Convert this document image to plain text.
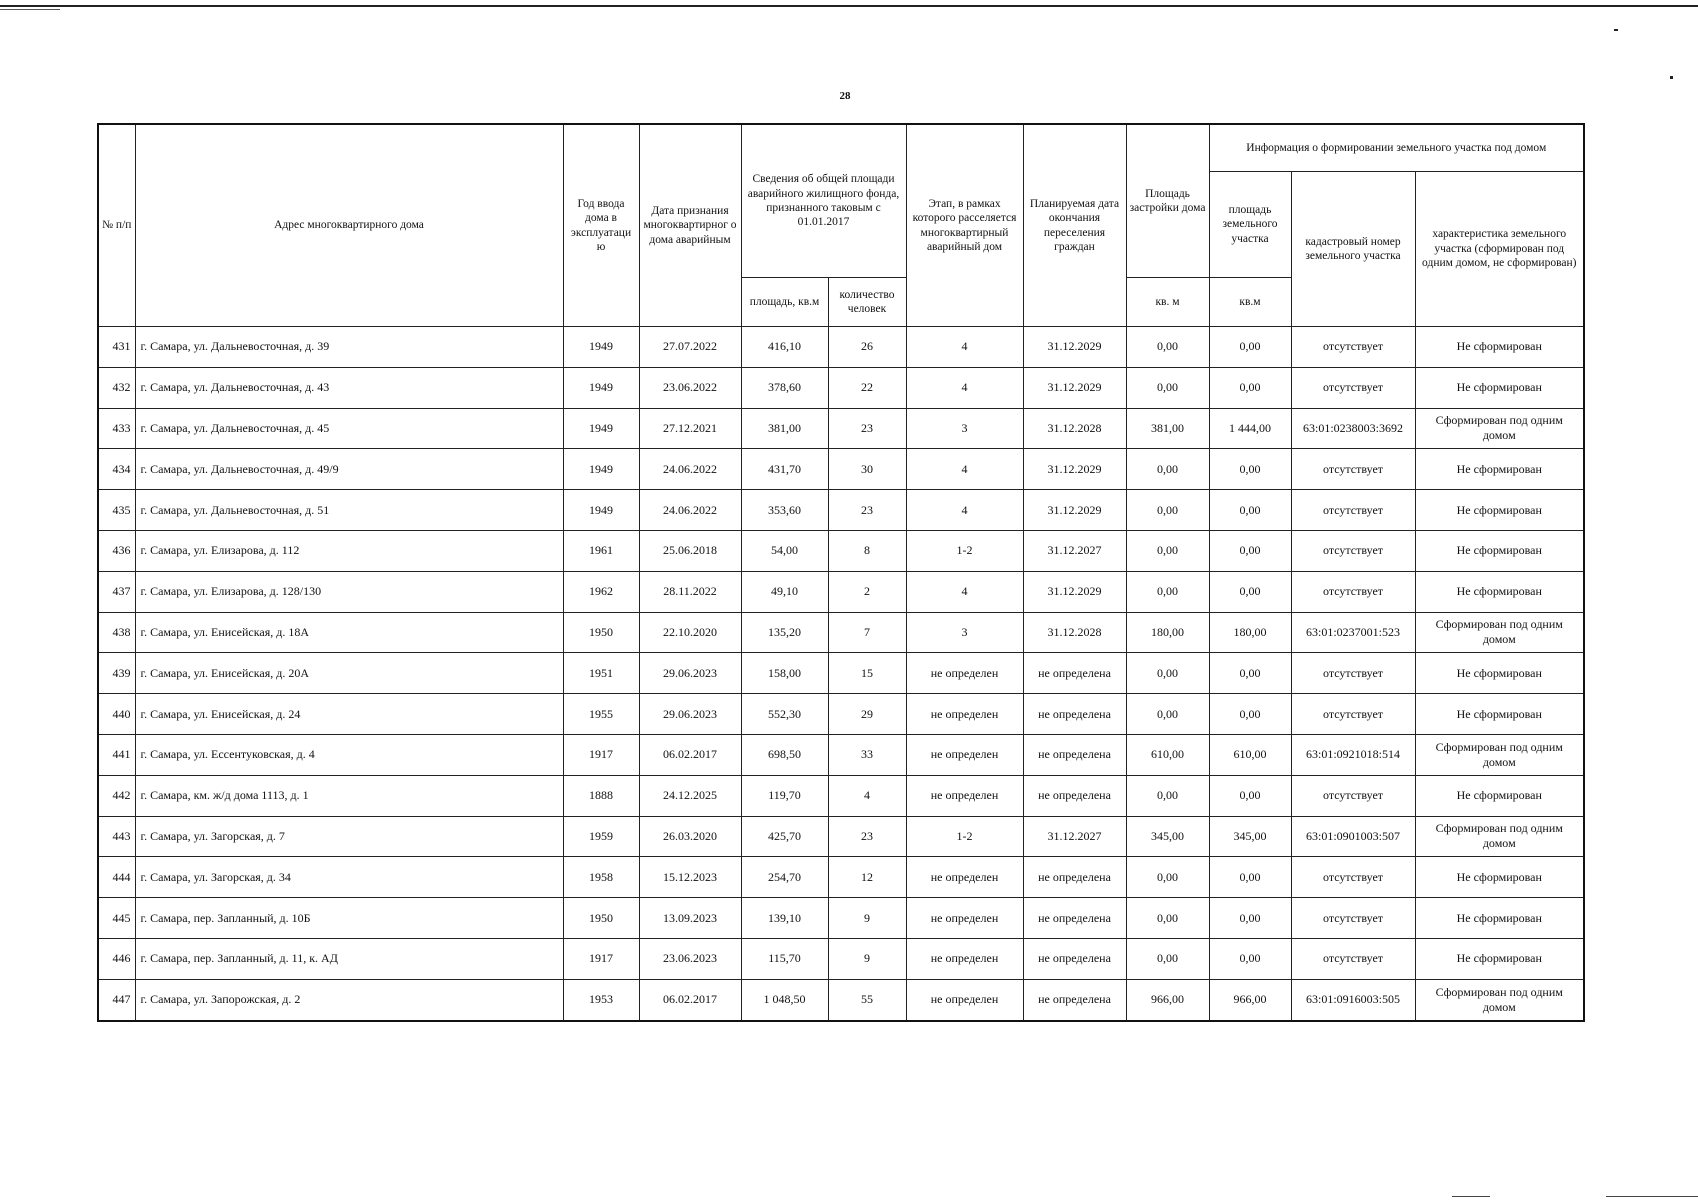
28
№ п/п	Адрес многоквартирного дома	Год ввода дома в эксплуатаци ю	Дата признания многоквартирног о дома аварийным	Сведения об общей площади аварийного жилищного фонда, признанного таковым с 01.01.2017		Этап, в рамках которого расселяется многоквартирный аварийный дом	Планируемая дата окончания переселения граждан	Площадь застройки дома	Информация о формировании земельного участка под домом		
									площадь земельного участка	кадастровый номер земельного участка	характеристика земельного участка (сформирован под одним домом, не сформирован)
				площадь, кв.м	количество человек			кв. м	кв.м		
431	г. Самара, ул. Дальневосточная, д. 39	1949	27.07.2022	416,10	26	4	31.12.2029	0,00	0,00	отсутствует	Не сформирован
432	г. Самара, ул. Дальневосточная, д. 43	1949	23.06.2022	378,60	22	4	31.12.2029	0,00	0,00	отсутствует	Не сформирован
433	г. Самара, ул. Дальневосточная, д. 45	1949	27.12.2021	381,00	23	3	31.12.2028	381,00	1 444,00	63:01:0238003:3692	Сформирован под одним домом
434	г. Самара, ул. Дальневосточная, д. 49/9	1949	24.06.2022	431,70	30	4	31.12.2029	0,00	0,00	отсутствует	Не сформирован
435	г. Самара, ул. Дальневосточная, д. 51	1949	24.06.2022	353,60	23	4	31.12.2029	0,00	0,00	отсутствует	Не сформирован
436	г. Самара, ул. Елизарова, д. 112	1961	25.06.2018	54,00	8	1-2	31.12.2027	0,00	0,00	отсутствует	Не сформирован
437	г. Самара, ул. Елизарова, д. 128/130	1962	28.11.2022	49,10	2	4	31.12.2029	0,00	0,00	отсутствует	Не сформирован
438	г. Самара, ул. Енисейская, д. 18А	1950	22.10.2020	135,20	7	3	31.12.2028	180,00	180,00	63:01:0237001:523	Сформирован под одним домом
439	г. Самара, ул. Енисейская, д. 20А	1951	29.06.2023	158,00	15	не определен	не определена	0,00	0,00	отсутствует	Не сформирован
440	г. Самара, ул. Енисейская, д. 24	1955	29.06.2023	552,30	29	не определен	не определена	0,00	0,00	отсутствует	Не сформирован
441	г. Самара, ул. Ессентуковская, д. 4	1917	06.02.2017	698,50	33	не определен	не определена	610,00	610,00	63:01:0921018:514	Сформирован под одним домом
442	г. Самара, км. ж/д дома 1113, д. 1	1888	24.12.2025	119,70	4	не определен	не определена	0,00	0,00	отсутствует	Не сформирован
443	г. Самара, ул. Загорская, д. 7	1959	26.03.2020	425,70	23	1-2	31.12.2027	345,00	345,00	63:01:0901003:507	Сформирован под одним домом
444	г. Самара, ул. Загорская, д. 34	1958	15.12.2023	254,70	12	не определен	не определена	0,00	0,00	отсутствует	Не сформирован
445	г. Самара, пер. Запланный, д. 10Б	1950	13.09.2023	139,10	9	не определен	не определена	0,00	0,00	отсутствует	Не сформирован
446	г. Самара, пер. Запланный, д. 11, к. АД	1917	23.06.2023	115,70	9	не определен	не определена	0,00	0,00	отсутствует	Не сформирован
447	г. Самара, ул. Запорожская, д. 2	1953	06.02.2017	1 048,50	55	не определен	не определена	966,00	966,00	63:01:0916003:505	Сформирован под одним домом
